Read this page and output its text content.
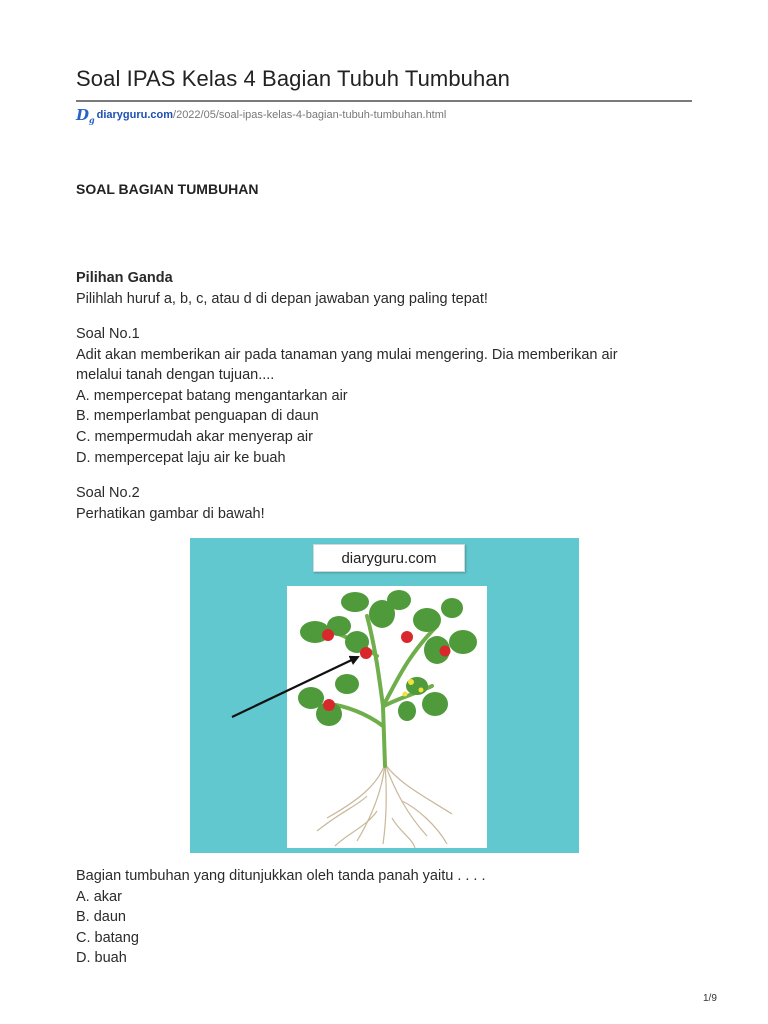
Soal IPAS Kelas 4 Bagian Tubuh Tumbuhan
$D_g$ diaryguru.com /2022/05/soal-ipas-kelas-4-bagian-tubuh-tumbuhan.html
SOAL BAGIAN TUMBUHAN

Pilihan Ganda

Pilihlah huruf a, b, c, atau d di depan jawaban yang paling tepat!

Soal No.1

Adit akan memberikan air pada tanaman yang mulai mengering. Dia memberikan air

melalui tanah dengan tujuan....

A. mempercepat batang mengantarkan air

B. memperlambat penguapan di daun

C. mempermudah akar menyerap air

D. mempercepat laju air ke buah

Soal No.2

Perhatikan gambar di bawah!

diaryguru.com

Bagian tumbuhan yang ditunjukkan oleh tanda panah yaitu . . . .

A. akar

B. daun

C. batang

D. buah

1/9
